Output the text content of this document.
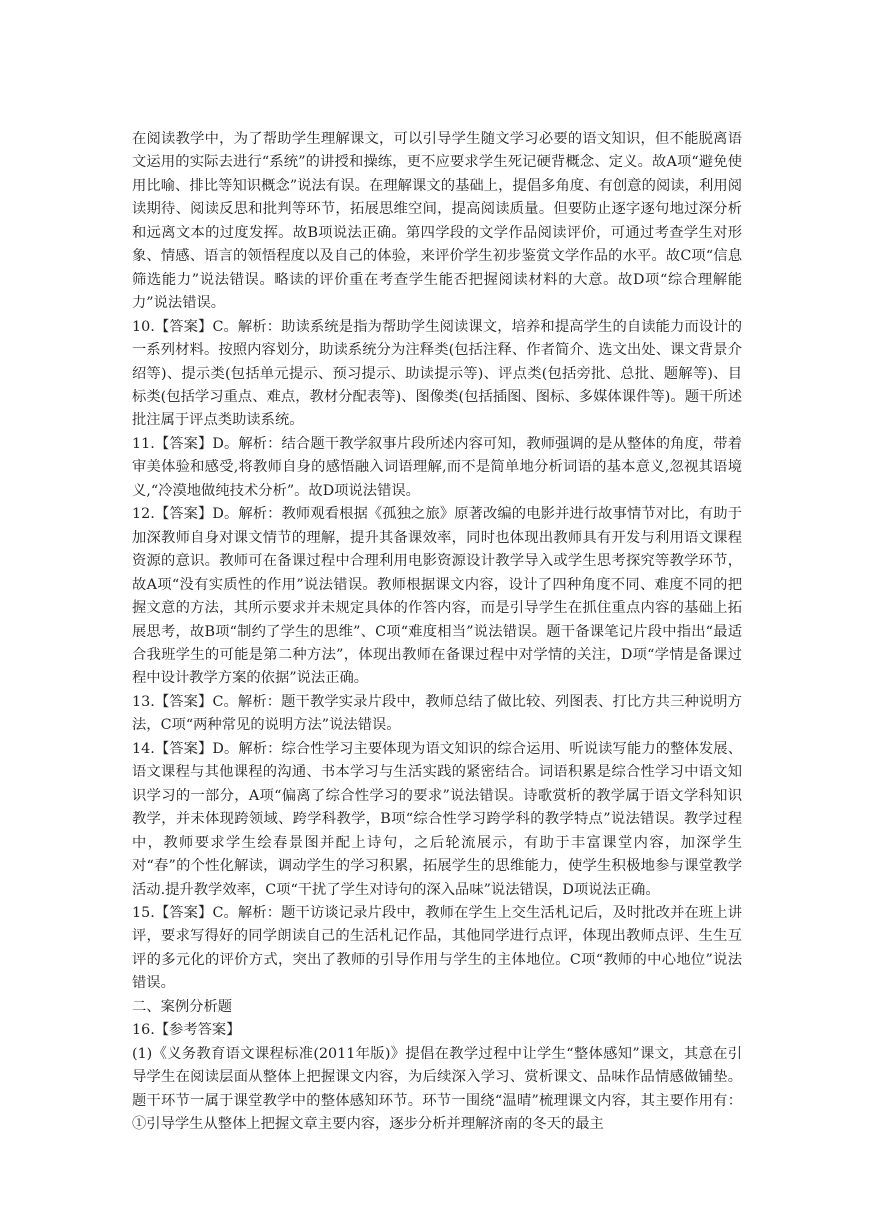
在阅读教学中，为了帮助学生理解课文，可以引导学生随文学习必要的语文知识，但不能脱离语文运用的实际去进行“系统”的讲授和操练，更不应要求学生死记硬背概念、定义。故A项“避免使用比喻、排比等知识概念”说法有误。在理解课文的基础上，提倡多角度、有创意的阅读，利用阅读期待、阅读反思和批判等环节，拓展思维空间，提高阅读质量。但要防止逐字逐句地过深分析和远离文本的过度发挥。故B项说法正确。第四学段的文学作品阅读评价，可通过考查学生对形象、情感、语言的领悟程度以及自己的体验，来评价学生初步鉴赏文学作品的水平。故C项“信息筛选能力”说法错误。略读的评价重在考查学生能否把握阅读材料的大意。故D项“综合理解能力”说法错误。

10.【答案】C。解析：助读系统是指为帮助学生阅读课文，培养和提高学生的自读能力而设计的一系列材料。按照内容划分，助读系统分为注释类(包括注释、作者简介、选文出处、课文背景介绍等)、提示类(包括单元提示、预习提示、助读提示等)、评点类(包括旁批、总批、题解等)、目标类(包括学习重点、难点，教材分配表等)、图像类(包括插图、图标、多媒体课件等)。题干所述批注属于评点类助读系统。

11.【答案】D。解析：结合题干教学叙事片段所述内容可知，教师强调的是从整体的角度，带着审美体验和感受,将教师自身的感悟融入词语理解,而不是简单地分析词语的基本意义,忽视其语境义,“冷漠地做纯技术分析”。故D项说法错误。

12.【答案】D。解析：教师观看根据《孤独之旅》原著改编的电影并进行故事情节对比，有助于加深教师自身对课文情节的理解，提升其备课效率，同时也体现出教师具有开发与利用语文课程资源的意识。教师可在备课过程中合理利用电影资源设计教学导入或学生思考探究等教学环节，故A项“没有实质性的作用”说法错误。教师根据课文内容，设计了四种角度不同、难度不同的把握文意的方法，其所示要求并未规定具体的作答内容，而是引导学生在抓住重点内容的基础上拓展思考，故B项“制约了学生的思维”、C项“难度相当”说法错误。题干备课笔记片段中指出“最适合我班学生的可能是第二种方法”，体现出教师在备课过程中对学情的关注，D项“学情是备课过程中设计教学方案的依据”说法正确。

13.【答案】C。解析：题干教学实录片段中，教师总结了做比较、列图表、打比方共三种说明方法，C项“两种常见的说明方法”说法错误。

14.【答案】D。解析：综合性学习主要体现为语文知识的综合运用、听说读写能力的整体发展、语文课程与其他课程的沟通、书本学习与生活实践的紧密结合。词语积累是综合性学习中语文知识学习的一部分，A项“偏离了综合性学习的要求”说法错误。诗歌赏析的教学属于语文学科知识教学，并未体现跨领域、跨学科教学，B项“综合性学习跨学科的教学特点”说法错误。教学过程中，教师要求学生绘春景图并配上诗句，之后轮流展示，有助于丰富课堂内容，加深学生对“春”的个性化解读，调动学生的学习积累，拓展学生的思维能力，使学生积极地参与课堂教学活动.提升教学效率，C项“干扰了学生对诗句的深入品味”说法错误，D项说法正确。

15.【答案】C。解析：题干访谈记录片段中，教师在学生上交生活札记后，及时批改并在班上讲评，要求写得好的同学朗读自己的生活札记作品，其他同学进行点评，体现出教师点评、生生互评的多元化的评价方式，突出了教师的引导作用与学生的主体地位。C项“教师的中心地位”说法错误。

二、案例分析题

16.【参考答案】

(1)《义务教育语文课程标准(2011年版)》提倡在教学过程中让学生“整体感知”课文，其意在引导学生在阅读层面从整体上把握课文内容，为后续深入学习、赏析课文、品味作品情感做铺垫。题干环节一属于课堂教学中的整体感知环节。环节一围绕“温晴”梳理课文内容，其主要作用有：①引导学生从整体上把握文章主要内容，逐步分析并理解济南的冬天的最主
